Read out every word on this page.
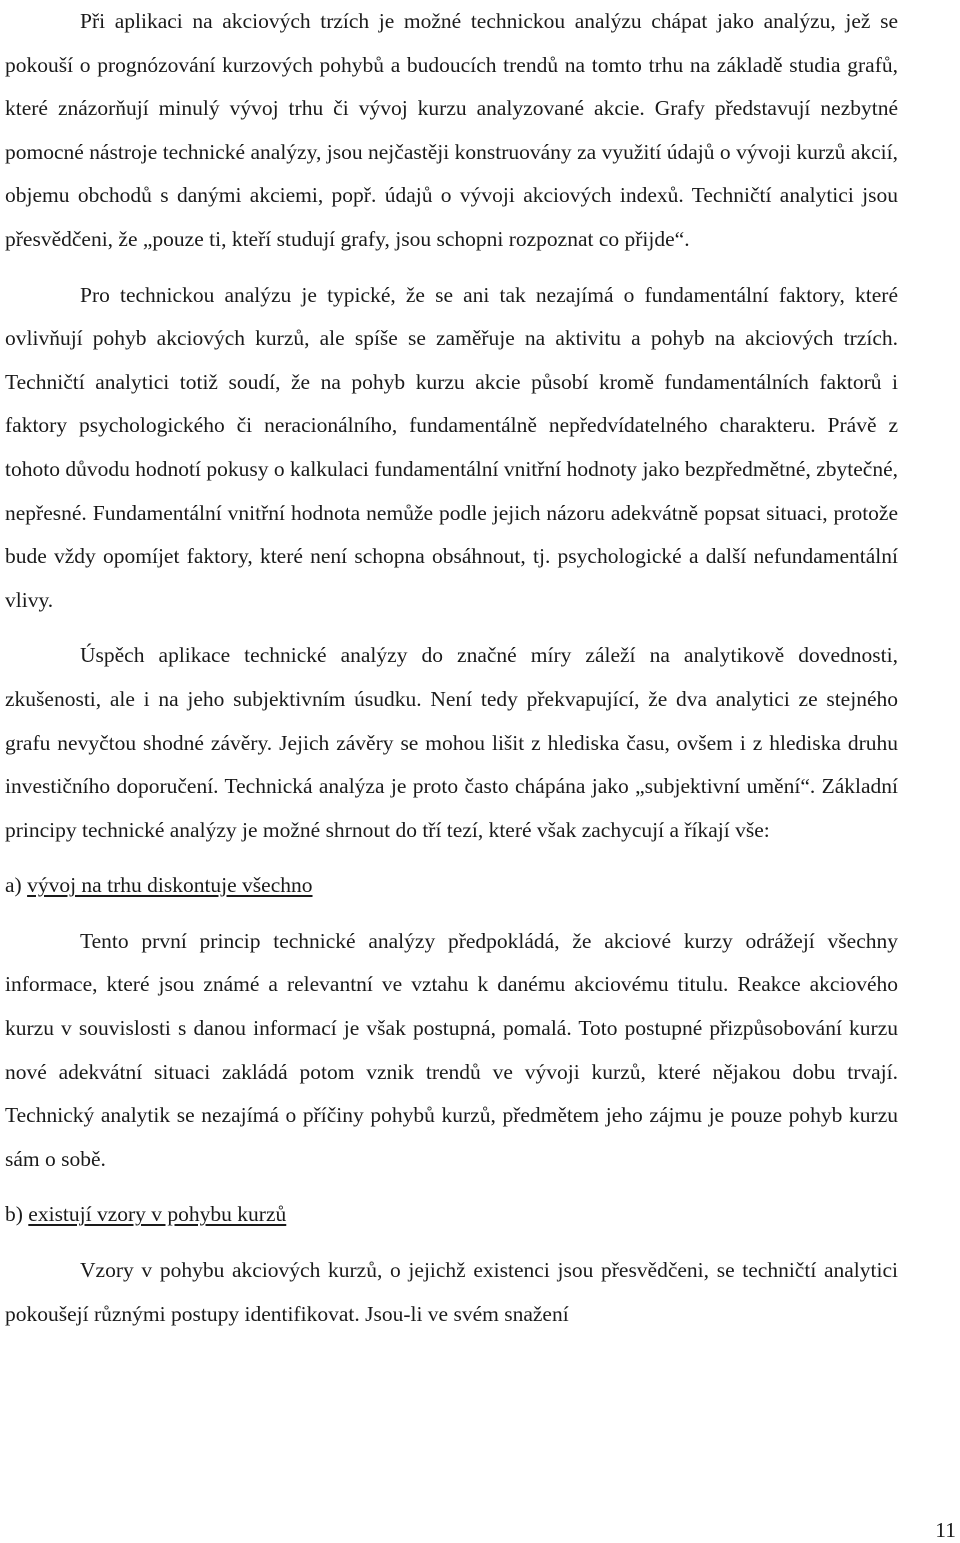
Při aplikaci na akciových trzích je možné technickou analýzu chápat jako analýzu, jež se pokouší o prognózování kurzových pohybů a budoucích trendů na tomto trhu na základě studia grafů, které znázorňují minulý vývoj trhu či vývoj kurzu analyzované akcie. Grafy představují nezbytné pomocné nástroje technické analýzy, jsou nejčastěji konstruovány za využití údajů o vývoji kurzů akcií, objemu obchodů s danými akciemi, popř. údajů o vývoji akciových indexů. Techničtí analytici jsou přesvědčeni, že „pouze ti, kteří studují grafy, jsou schopni rozpoznat co přijde“.

Pro technickou analýzu je typické, že se ani tak nezajímá o fundamentální faktory, které ovlivňují pohyb akciových kurzů, ale spíše se zaměřuje na aktivitu a pohyb na akciových trzích. Techničtí analytici totiž soudí, že na pohyb kurzu akcie působí kromě fundamentálních faktorů i faktory psychologického či neracionálního, fundamentálně nepředvídatelného charakteru. Právě z tohoto důvodu hodnotí pokusy o kalkulaci fundamentální vnitřní hodnoty jako bezpředmětné, zbytečné, nepřesné. Fundamentální vnitřní hodnota nemůže podle jejich názoru adekvátně popsat situaci, protože bude vždy opomíjet faktory, které není schopna obsáhnout, tj. psychologické a další nefundamentální vlivy.

Úspěch aplikace technické analýzy do značné míry záleží na analytikově dovednosti, zkušenosti, ale i na jeho subjektivním úsudku. Není tedy překvapující, že dva analytici ze stejného grafu nevyčtou shodné závěry. Jejich závěry se mohou lišit z hlediska času, ovšem i z hlediska druhu investičního doporučení. Technická analýza je proto často chápána jako „subjektivní umění“. Základní principy technické analýzy je možné shrnout do tří tezí, které však zachycují a říkají vše:

a) vývoj na trhu diskontuje všechno

Tento první princip technické analýzy předpokládá, že akciové kurzy odrážejí všechny informace, které jsou známé a relevantní ve vztahu k danému akciovému titulu. Reakce akciového kurzu v souvislosti s danou informací je však postupná, pomalá. Toto postupné přizpůsobování kurzu nové adekvátní situaci zakládá potom vznik trendů ve vývoji kurzů, které nějakou dobu trvají. Technický analytik se nezajímá o příčiny pohybů kurzů, předmětem jeho zájmu je pouze pohyb kurzu sám o sobě.

b) existují vzory v pohybu kurzů

Vzory v pohybu akciových kurzů, o jejichž existenci jsou přesvědčeni, se techničtí analytici pokoušejí různými postupy identifikovat. Jsou-li ve svém snažení

11
